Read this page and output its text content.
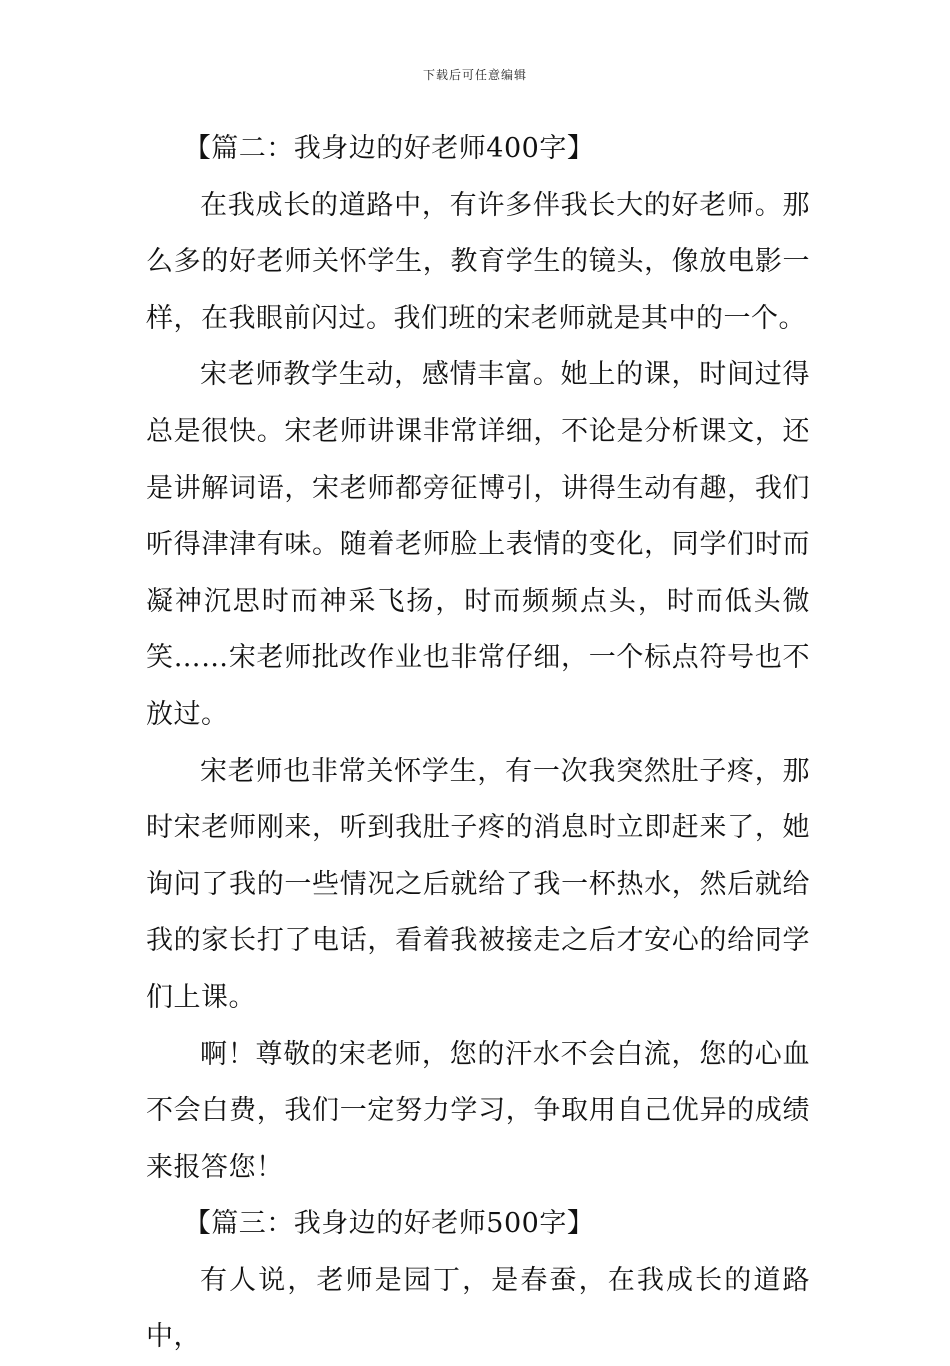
下载后可任意编辑

【篇二：我身边的好老师400字】

在我成长的道路中，有许多伴我长大的好老师。那么多的好老师关怀学生，教育学生的镜头，像放电影一样，在我眼前闪过。我们班的宋老师就是其中的一个。

宋老师教学生动，感情丰富。她上的课，时间过得总是很快。宋老师讲课非常详细，不论是分析课文，还是讲解词语，宋老师都旁征博引，讲得生动有趣，我们听得津津有味。随着老师脸上表情的变化，同学们时而凝神沉思时而神采飞扬，时而频频点头，时而低头微笑……宋老师批改作业也非常仔细，一个标点符号也不放过。

宋老师也非常关怀学生，有一次我突然肚子疼，那时宋老师刚来，听到我肚子疼的消息时立即赶来了，她询问了我的一些情况之后就给了我一杯热水，然后就给我的家长打了电话，看着我被接走之后才安心的给同学们上课。

啊！尊敬的宋老师，您的汗水不会白流，您的心血不会白费，我们一定努力学习，争取用自己优异的成绩来报答您！

【篇三：我身边的好老师500字】

有人说，老师是园丁，是春蚕，在我成长的道路中，
